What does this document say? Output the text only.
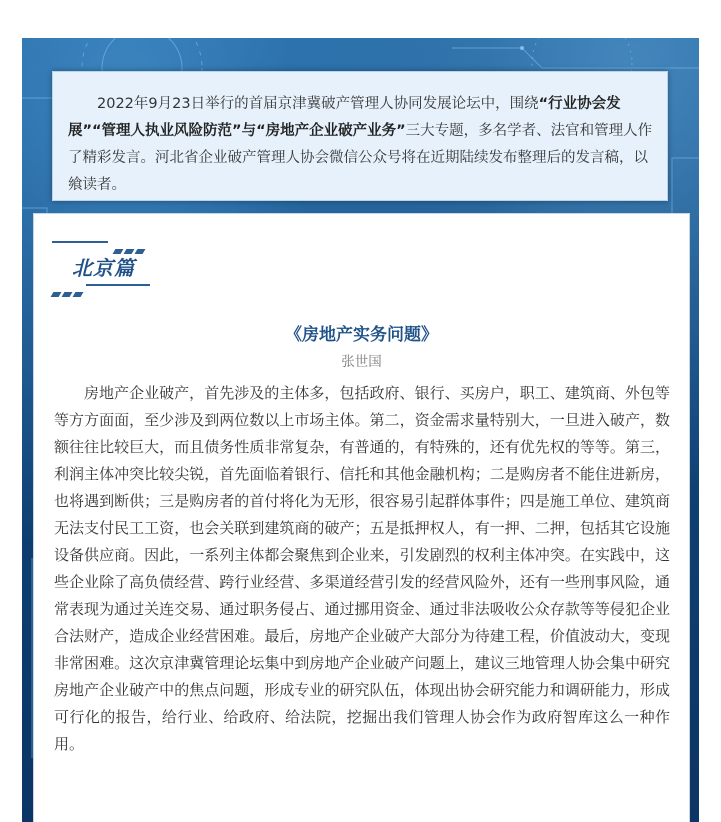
2022年9月23日举行的首届京津冀破产管理人协同发展论坛中，围绕“行业协会发展”“管理人执业风险防范”与“房地产企业破产业务”三大专题，多名学者、法官和管理人作了精彩发言。河北省企业破产管理人协会微信公众号将在近期陆续发布整理后的发言稿，以飨读者。

北京篇
《房地产实务问题》

张世国

房地产企业破产，首先涉及的主体多，包括政府、银行、买房户，职工、建筑商、外包等等方方面面，至少涉及到两位数以上市场主体。第二，资金需求量特别大，一旦进入破产，数额往往比较巨大，而且债务性质非常复杂，有普通的，有特殊的，还有优先权的等等。第三，利润主体冲突比较尖锐，首先面临着银行、信托和其他金融机构；二是购房者不能住进新房，也将遇到断供；三是购房者的首付将化为无形，很容易引起群体事件；四是施工单位、建筑商无法支付民工工资，也会关联到建筑商的破产；五是抵押权人，有一押、二押，包括其它设施设备供应商。因此，一系列主体都会聚焦到企业来，引发剧烈的权利主体冲突。在实践中，这些企业除了高负债经营、跨行业经营、多渠道经营引发的经营风险外，还有一些刑事风险，通常表现为通过关连交易、通过职务侵占、通过挪用资金、通过非法吸收公众存款等等侵犯企业合法财产，造成企业经营困难。最后，房地产企业破产大部分为待建工程，价值波动大，变现非常困难。这次京津冀管理论坛集中到房地产企业破产问题上，建议三地管理人协会集中研究房地产企业破产中的焦点问题，形成专业的研究队伍，体现出协会研究能力和调研能力，形成可行化的报告，给行业、给政府、给法院，挖掘出我们管理人协会作为政府智库这么一种作用。
